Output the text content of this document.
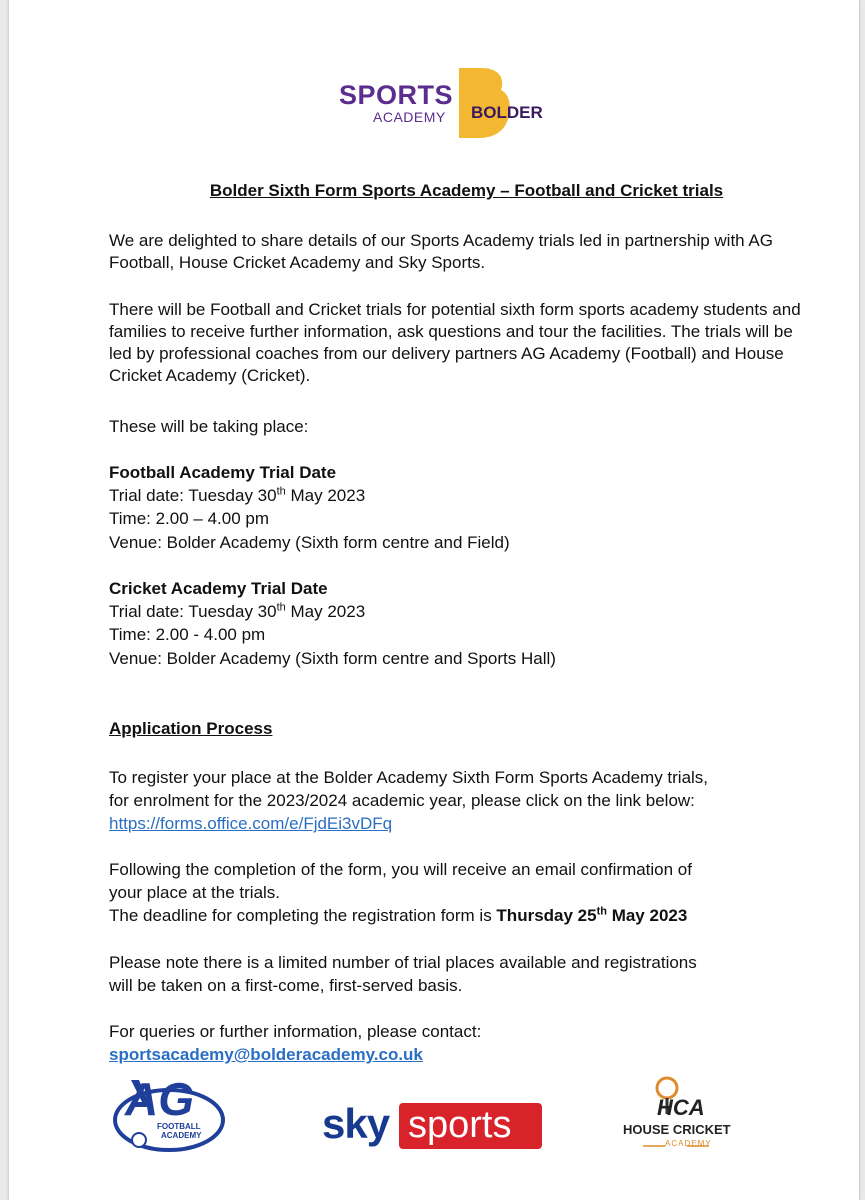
SPORTS
ACADEMY BOLDER
Bolder Sixth Form Sports Academy – Football and Cricket trials

We are delighted to share details of our Sports Academy trials led in partnership with AG Football, House Cricket Academy and Sky Sports.

There will be Football and Cricket trials for potential sixth form sports academy students and families to receive further information, ask questions and tour the facilities. The trials will be led by professional coaches from our delivery partners AG Academy (Football) and House Cricket Academy (Cricket).

These will be taking place:

Football Academy Trial Date

Trial date: Tuesday 30th May 2023

Time: 2.00 – 4.00 pm

Venue: Bolder Academy (Sixth form centre and Field)

Cricket Academy Trial Date

Trial date: Tuesday 30th May 2023

Time: 2.00 - 4.00 pm

Venue: Bolder Academy (Sixth form centre and Sports Hall)

Application Process

To register your place at the Bolder Academy Sixth Form Sports Academy trials,

for enrolment for the 2023/2024 academic year, please click on the link below:

https://forms.office.com/e/FjdEi3vDFq

Following the completion of the form, you will receive an email confirmation of

your place at the trials.

The deadline for completing the registration form is Thursday 25th May 2023

Please note there is a limited number of trial places available and registrations

will be taken on a first-come, first-served basis.

For queries or further information, please contact:

sportsacademy@bolderacademy.co.uk

AG
FOOTBALL
ACADEMY	sky sports	HCA
HOUSE CRICKET
ACADEMY
